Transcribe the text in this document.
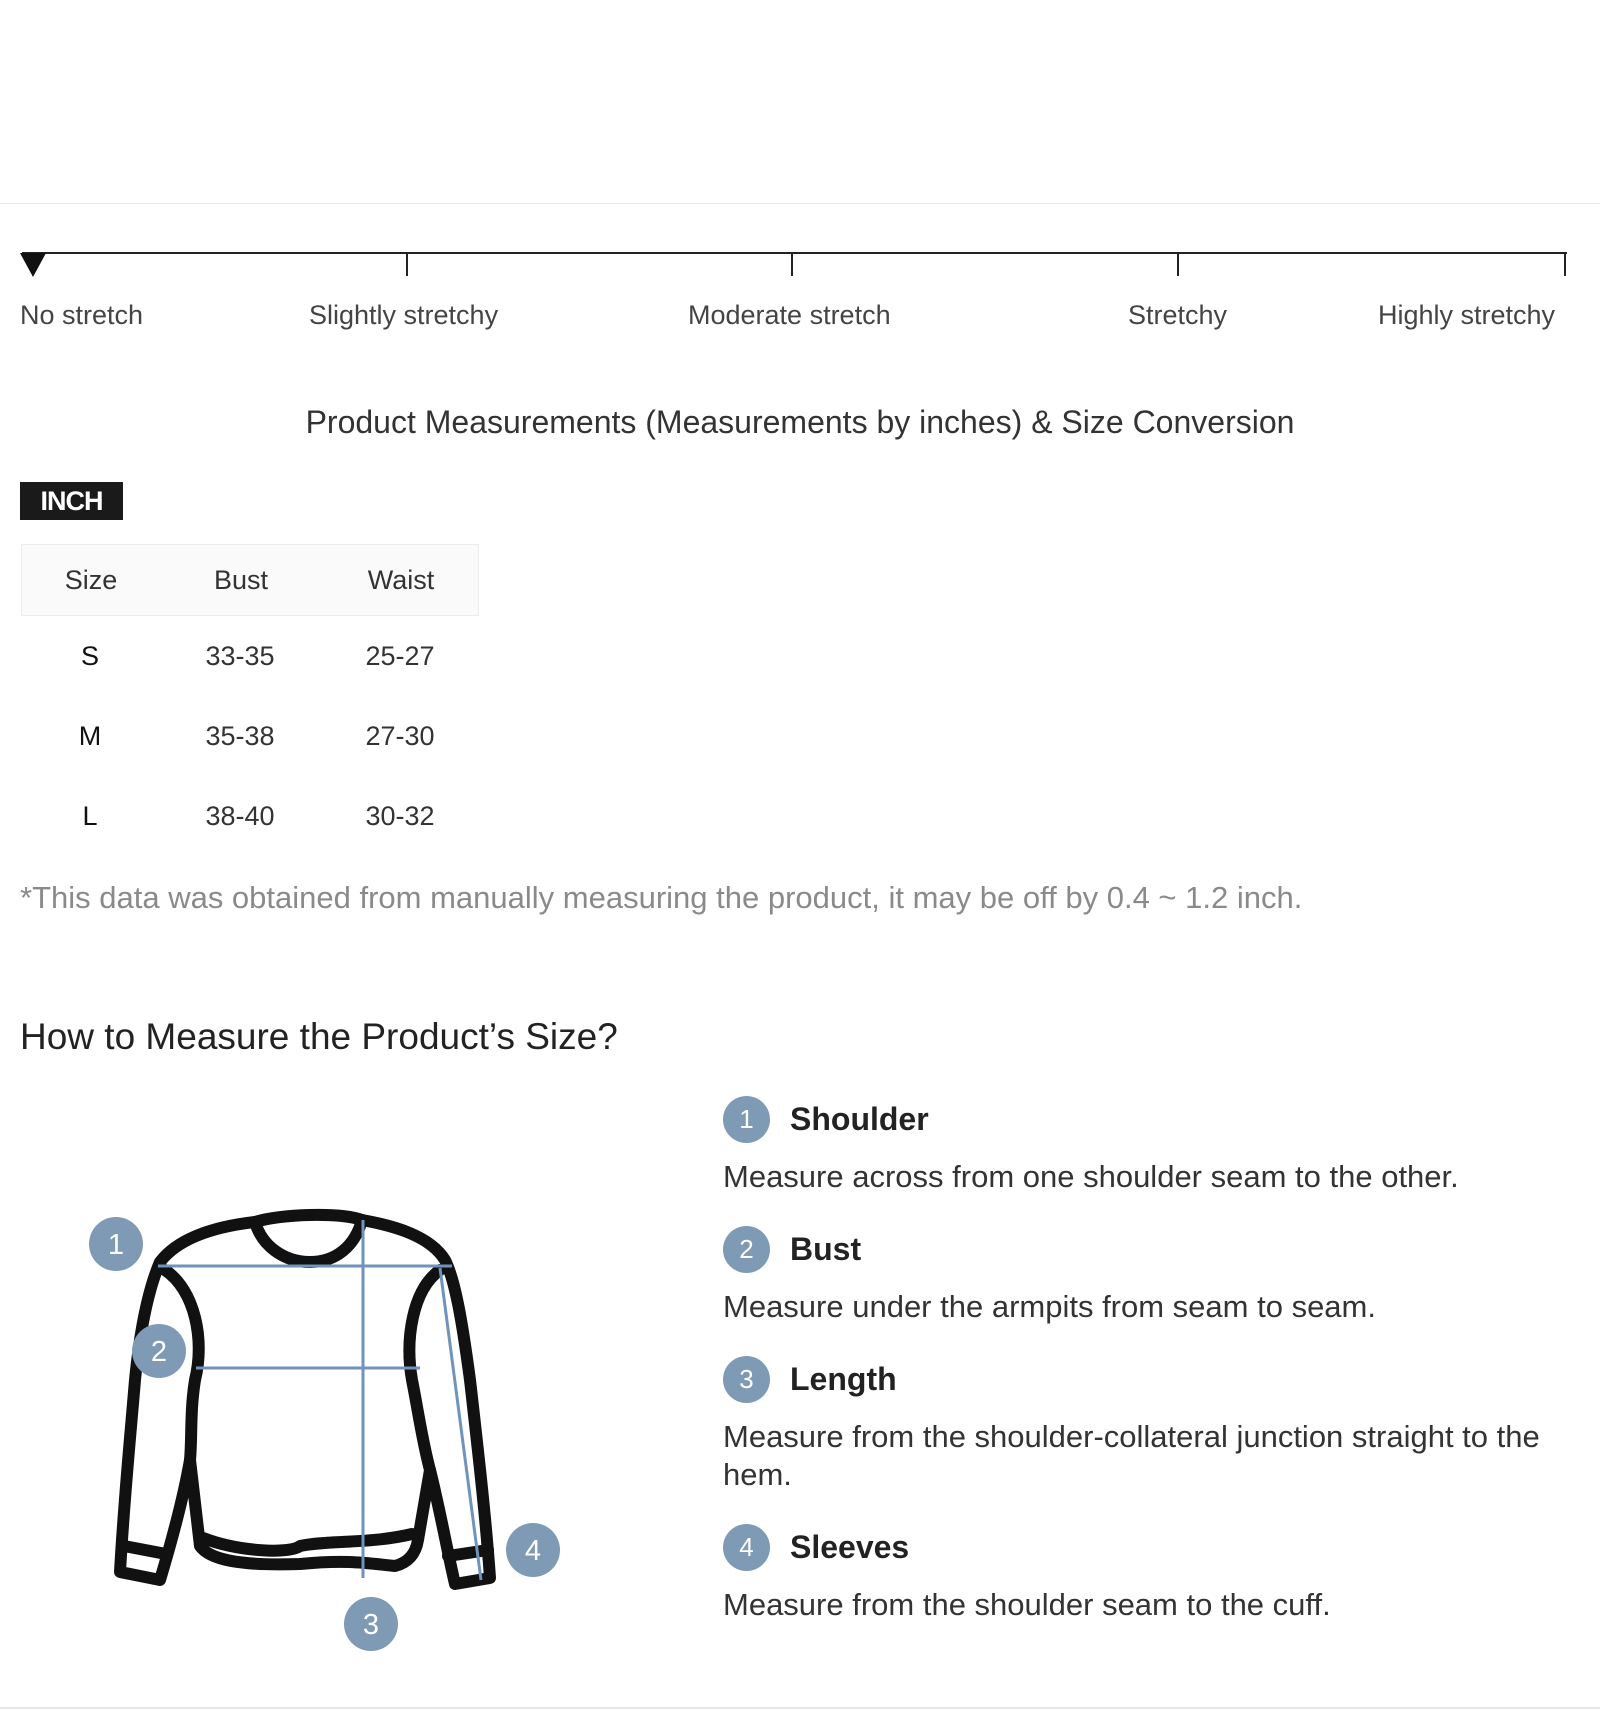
No stretch	Slightly stretchy	Moderate stretch	Stretchy	Highly stretchy
Product Measurements (Measurements by inches) & Size Conversion
INCH
Size	Bust	Waist
S	33-35	25-27
M	35-38	27-30
L	38-40	30-32
*This data was obtained from manually measuring the product, it may be off by 0.4 ~ 1.2 inch.
How to Measure the Product’s Size?
1
2
3
4
1	Shoulder
Measure across from one shoulder seam to the other.
2	Bust
Measure under the armpits from seam to seam.
3	Length
Measure from the shoulder-collateral junction straight to the hem.
4	Sleeves
Measure from the shoulder seam to the cuff.
